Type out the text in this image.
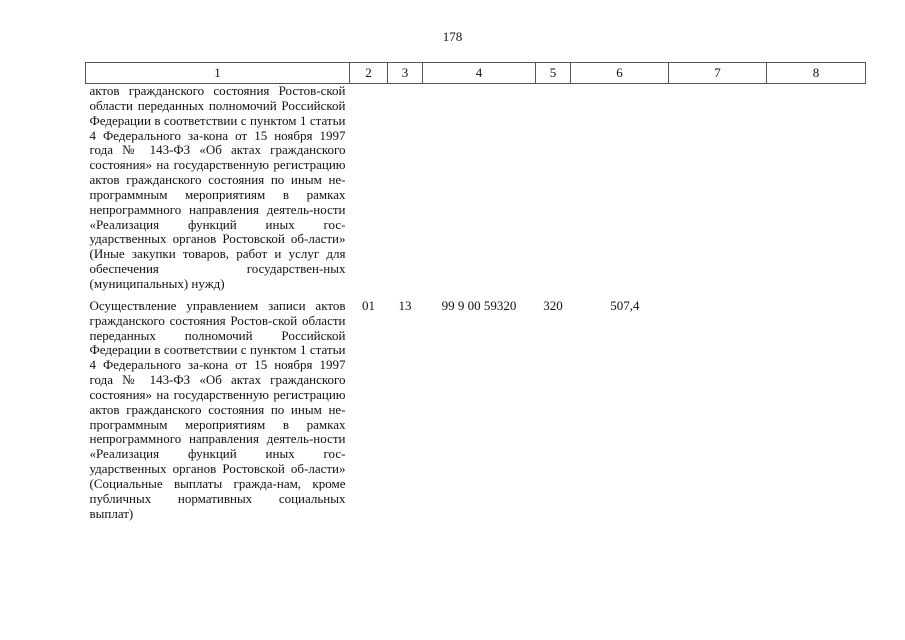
178
1	2	3	4	5	6	7	8
актов гражданского состояния Ростов-ской области переданных полномочий Российской Федерации в соответствии с пунктом 1 статьи 4 Федерального за-кона от 15 ноября 1997 года № 143-ФЗ «Об актах гражданского состояния» на государственную регистрацию актов гражданского состояния по иным не-программным мероприятиям в рамках непрограммного направления деятель-ности «Реализация функций иных гос-ударственных органов Ростовской об-ласти» (Иные закупки товаров, работ и услуг для обеспечения государствен-ных (муниципальных) нужд)							
Осуществление управлением записи актов гражданского состояния Ростов-ской области переданных полномочий Российской Федерации в соответствии с пунктом 1 статьи 4 Федерального за-кона от 15 ноября 1997 года № 143-ФЗ «Об актах гражданского состояния» на государственную регистрацию актов гражданского состояния по иным не-программным мероприятиям в рамках непрограммного направления деятель-ности «Реализация функций иных гос-ударственных органов Ростовской об-ласти» (Социальные выплаты гражда-нам, кроме публичных нормативных социальных выплат)	01	13	99 9 00 59320	320	507,4		
